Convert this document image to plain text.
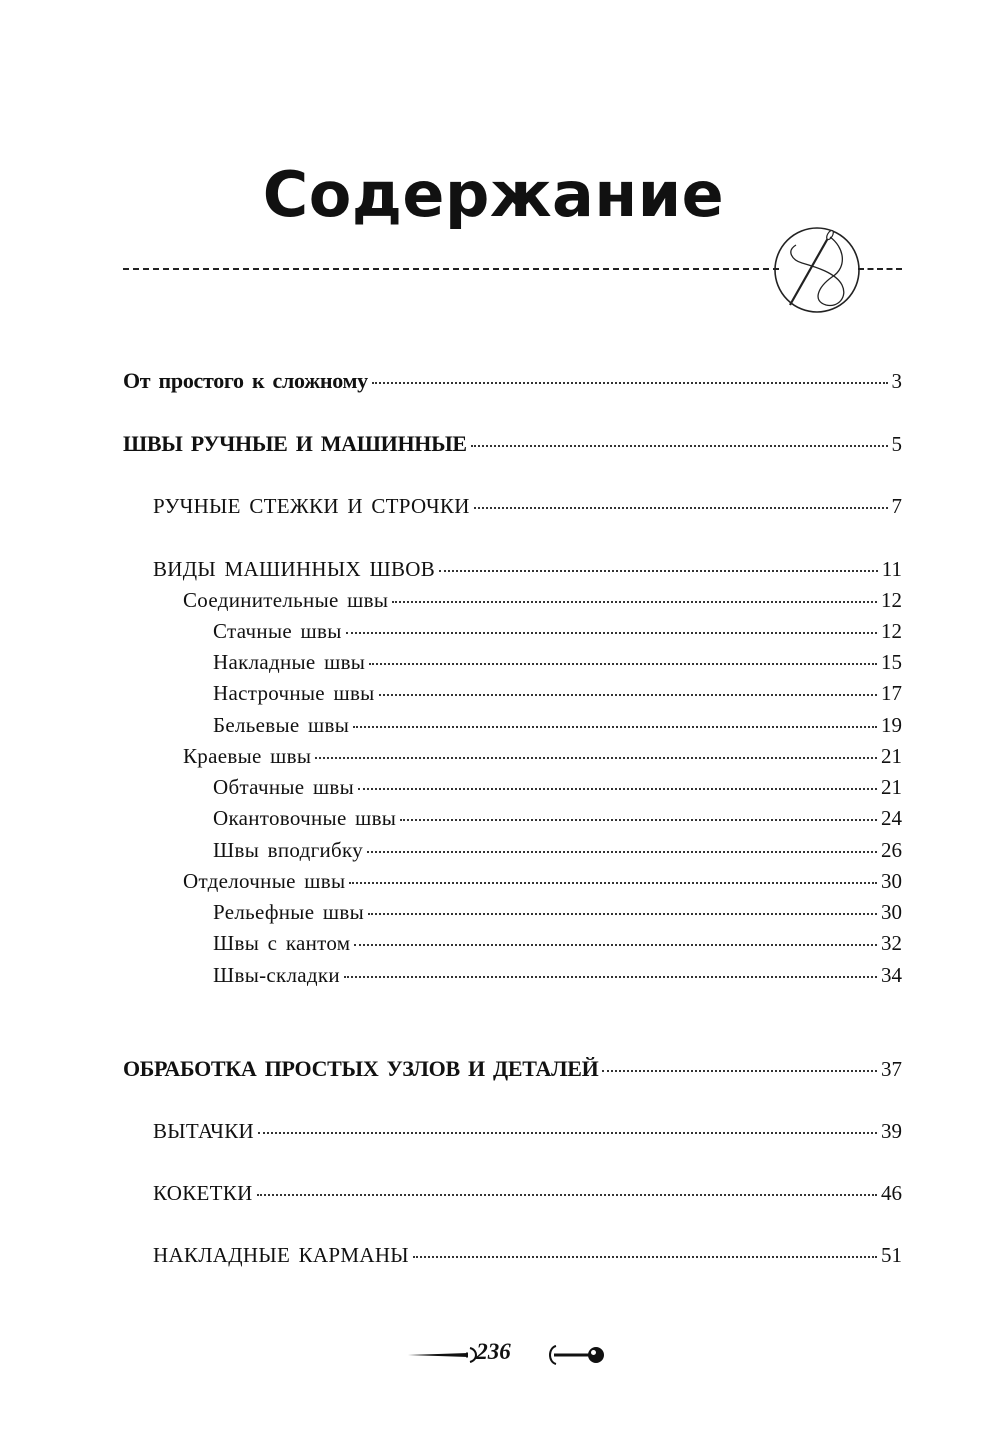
Содержание
От простого к сложному	3
ШВЫ РУЧНЫЕ И МАШИННЫЕ	5
РУЧНЫЕ СТЕЖКИ И СТРОЧКИ	7
ВИДЫ МАШИННЫХ ШВОВ	11
Соединительные швы	12
Стачные швы	12
Накладные швы	15
Настрочные швы	17
Бельевые швы	19
Краевые швы	21
Обтачные швы	21
Окантовочные швы	24
Швы вподгибку	26
Отделочные швы	30
Рельефные швы	30
Швы с кантом	32
Швы-складки	34
ОБРАБОТКА ПРОСТЫХ УЗЛОВ И ДЕТАЛЕЙ	37
ВЫТАЧКИ	39
КОКЕТКИ	46
НАКЛАДНЫЕ КАРМАНЫ	51
236
